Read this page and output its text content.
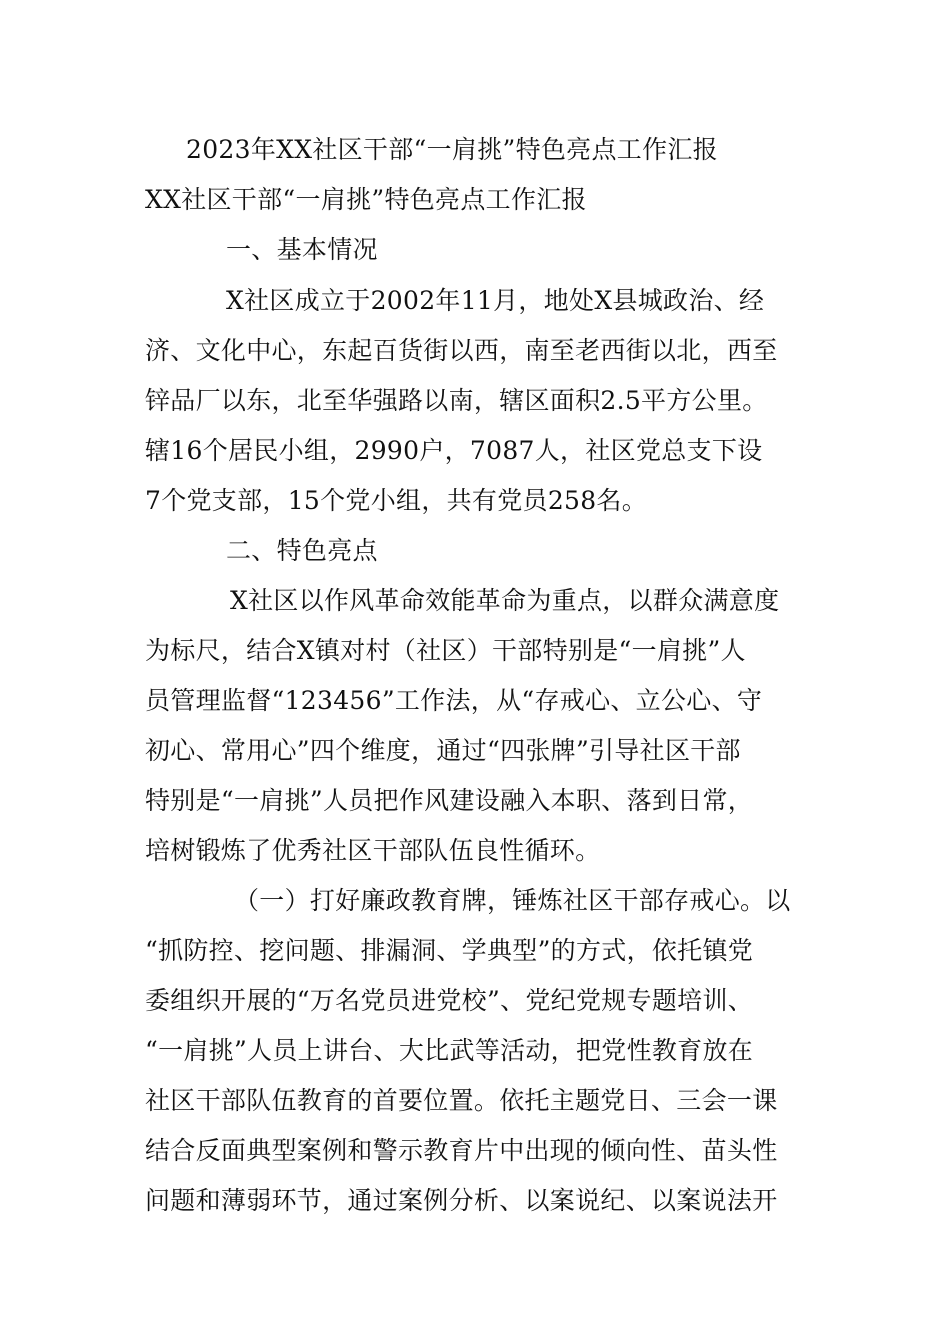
2023年XX社区干部“一肩挑”特色亮点工作汇报
XX社区干部“一肩挑”特色亮点工作汇报
一、基本情况
X社区成立于2002年11月，地处X县城政治、经
济、文化中心，东起百货街以西，南至老西街以北，西至
锌品厂以东，北至华强路以南，辖区面积2.5平方公里。
辖16个居民小组，2990户，7087人，社区党总支下设
7个党支部，15个党小组，共有党员258名。
二、特色亮点
X社区以作风革命效能革命为重点，以群众满意度
为标尺，结合X镇对村（社区）干部特别是“一肩挑”人
员管理监督“123456”工作法，从“存戒心、立公心、守
初心、常用心”四个维度，通过“四张牌”引导社区干部
特别是“一肩挑”人员把作风建设融入本职、落到日常，
培树锻炼了优秀社区干部队伍良性循环。
（一）打好廉政教育牌，锤炼社区干部存戒心。以
“抓防控、挖问题、排漏洞、学典型”的方式，依托镇党
委组织开展的“万名党员进党校”、党纪党规专题培训、
“一肩挑”人员上讲台、大比武等活动，把党性教育放在
社区干部队伍教育的首要位置。依托主题党日、三会一课
结合反面典型案例和警示教育片中出现的倾向性、苗头性
问题和薄弱环节，通过案例分析、以案说纪、以案说法开
